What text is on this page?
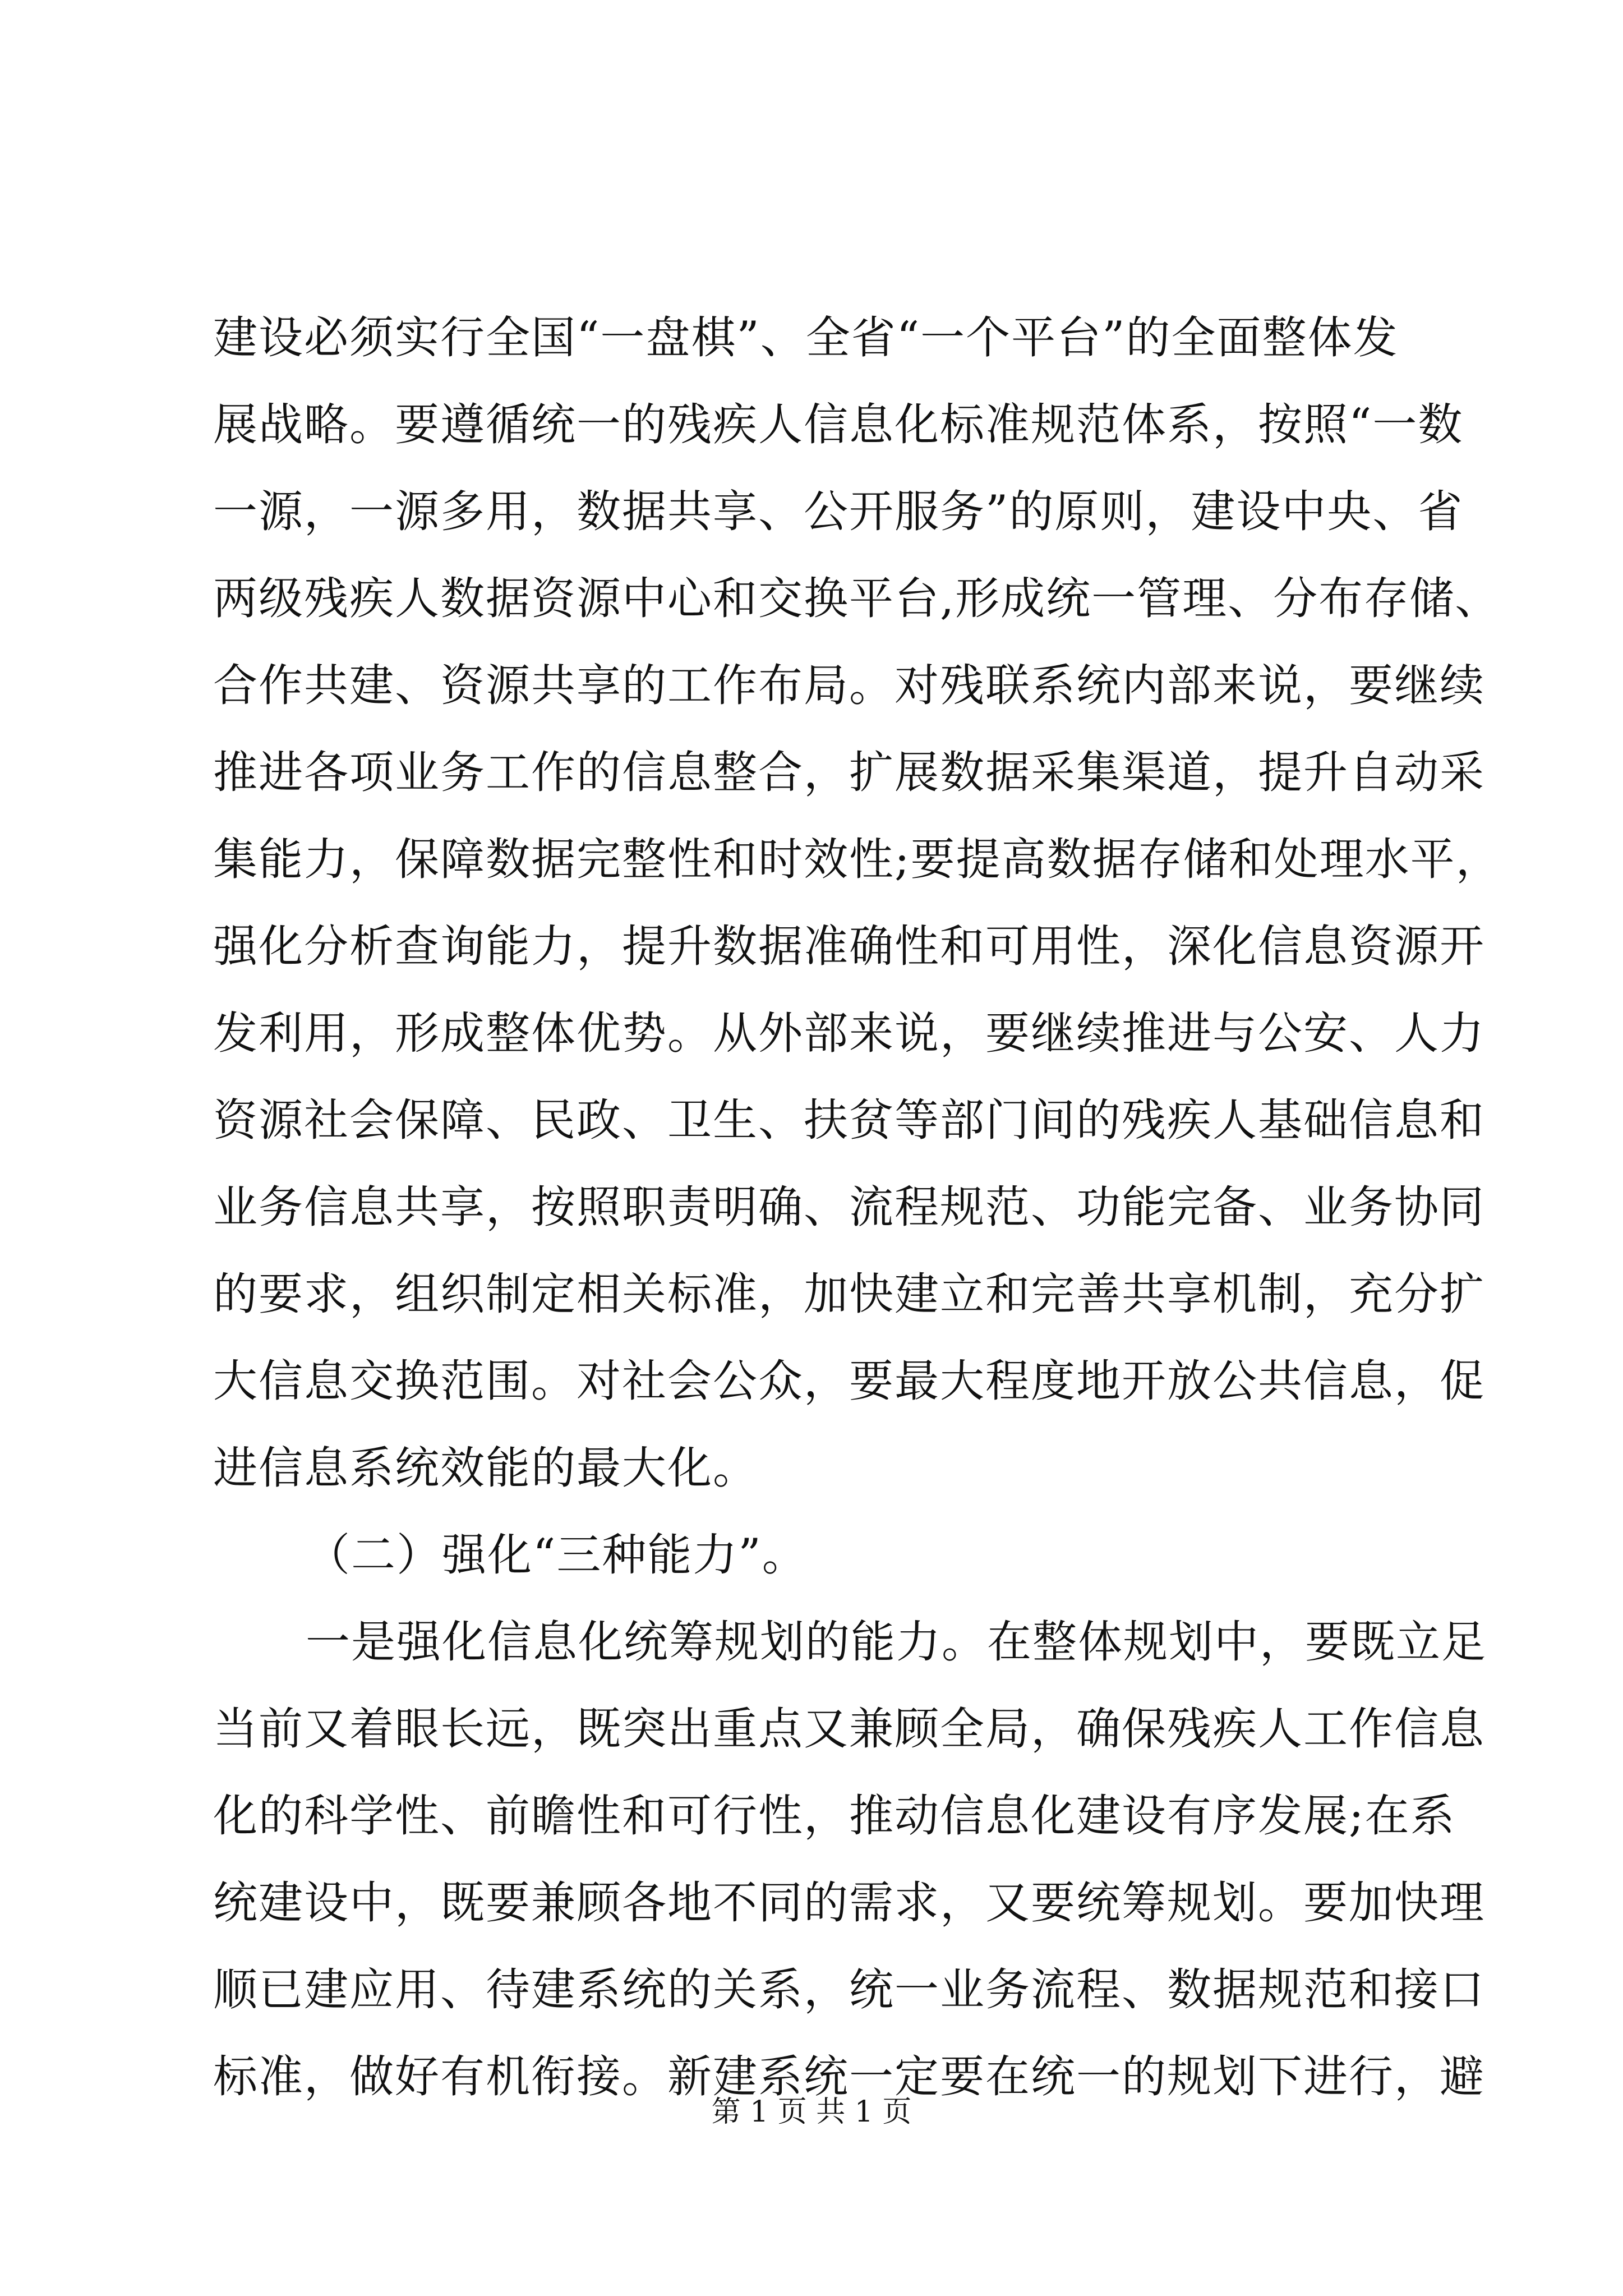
建设必须实行全国“一盘棋”、全省“一个平台”的全面整体发
展战略。要遵循统一的残疾人信息化标准规范体系，按照“一数
一源，一源多用，数据共享、公开服务”的原则，建设中央、省
两级残疾人数据资源中心和交换平台,形成统一管理、分布存储、
合作共建、资源共享的工作布局。对残联系统内部来说，要继续
推进各项业务工作的信息整合，扩展数据采集渠道，提升自动采
集能力，保障数据完整性和时效性;要提高数据存储和处理水平，
强化分析查询能力，提升数据准确性和可用性，深化信息资源开
发利用，形成整体优势。从外部来说，要继续推进与公安、人力
资源社会保障、民政、卫生、扶贫等部门间的残疾人基础信息和
业务信息共享，按照职责明确、流程规范、功能完备、业务协同
的要求，组织制定相关标准，加快建立和完善共享机制，充分扩
大信息交换范围。对社会公众，要最大程度地开放公共信息，促
进信息系统效能的最大化。
（二）强化“三种能力”。
一是强化信息化统筹规划的能力。在整体规划中，要既立足
当前又着眼长远，既突出重点又兼顾全局，确保残疾人工作信息
化的科学性、前瞻性和可行性，推动信息化建设有序发展;在系
统建设中，既要兼顾各地不同的需求，又要统筹规划。要加快理
顺已建应用、待建系统的关系，统一业务流程、数据规范和接口
标准，做好有机衔接。新建系统一定要在统一的规划下进行，避
第 1 页 共 1 页
